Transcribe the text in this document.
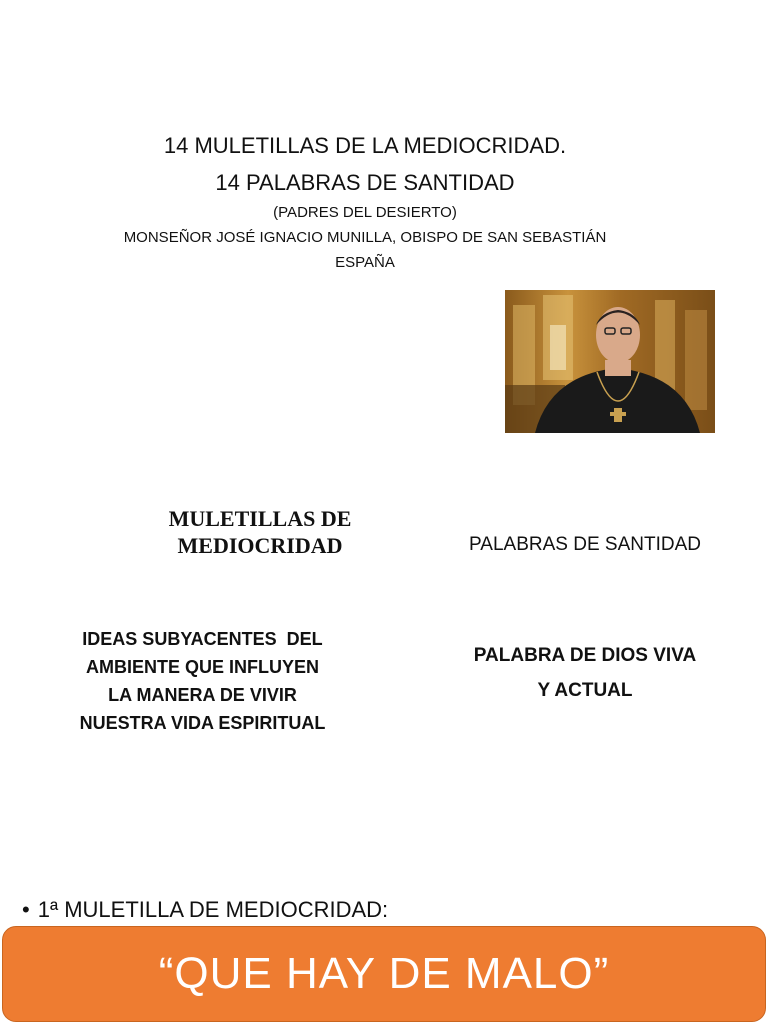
14 MULETILLAS DE LA MEDIOCRIDAD.
14 PALABRAS DE SANTIDAD
(PADRES DEL DESIERTO)
MONSEÑOR JOSÉ IGNACIO MUNILLA, OBISPO DE SAN SEBASTIÁN
ESPAÑA
MULETILLAS DE
MEDIOCRIDAD	PALABRAS DE SANTIDAD
IDEAS SUBYACENTES  DEL
AMBIENTE QUE INFLUYEN
LA MANERA DE VIVIR
NUESTRA VIDA ESPIRITUAL
PALABRA DE DIOS VIVA
Y ACTUAL
• 1ª MULETILLA DE MEDIOCRIDAD:
“QUE HAY DE MALO”
